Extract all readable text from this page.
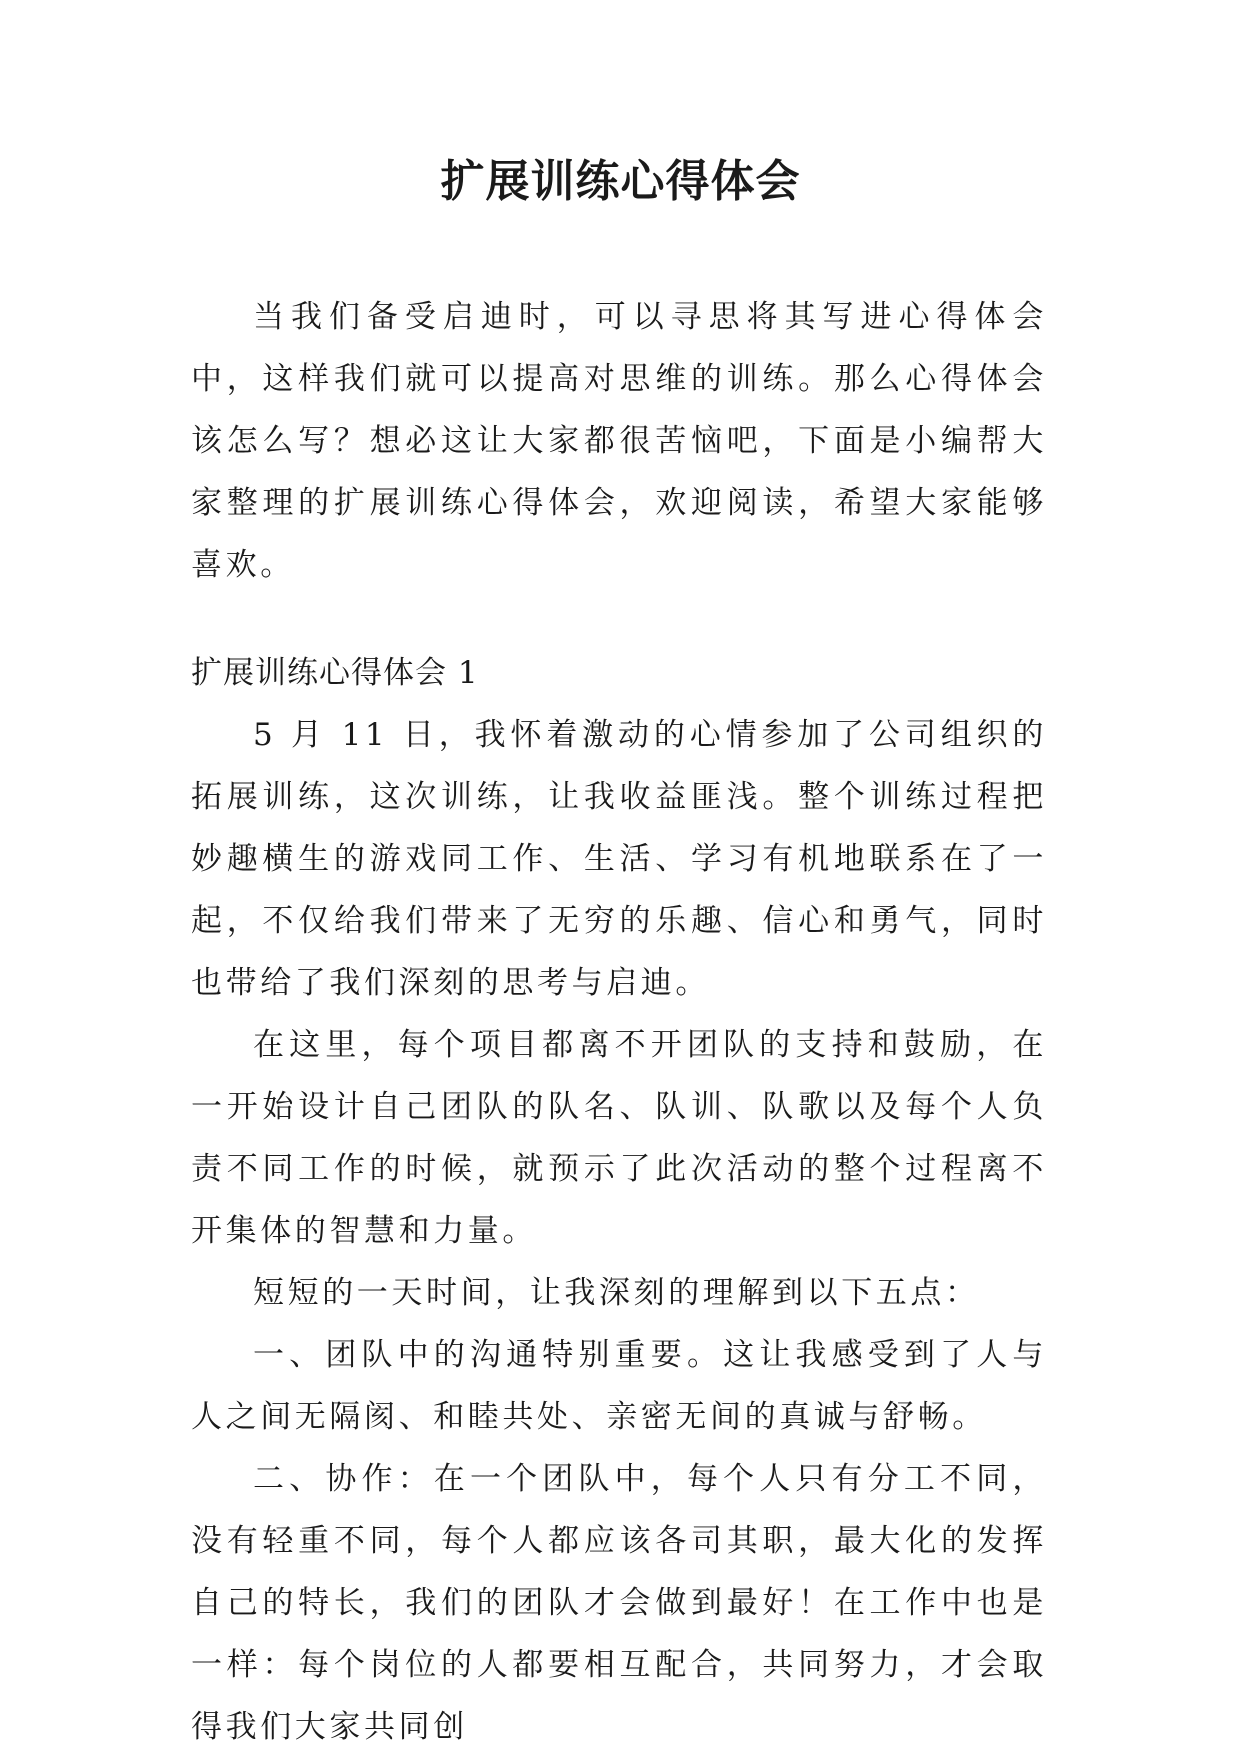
扩展训练心得体会

当我们备受启迪时，可以寻思将其写进心得体会中，这样我们就可以提高对思维的训练。那么心得体会该怎么写？想必这让大家都很苦恼吧，下面是小编帮大家整理的扩展训练心得体会，欢迎阅读，希望大家能够喜欢。

扩展训练心得体会 1

5 月 11 日，我怀着激动的心情参加了公司组织的拓展训练，这次训练，让我收益匪浅。整个训练过程把妙趣横生的游戏同工作、生活、学习有机地联系在了一起，不仅给我们带来了无穷的乐趣、信心和勇气，同时也带给了我们深刻的思考与启迪。

在这里，每个项目都离不开团队的支持和鼓励，在一开始设计自己团队的队名、队训、队歌以及每个人负责不同工作的时候，就预示了此次活动的整个过程离不开集体的智慧和力量。

短短的一天时间，让我深刻的理解到以下五点：

一、团队中的沟通特别重要。这让我感受到了人与人之间无隔阂、和睦共处、亲密无间的真诚与舒畅。

二、协作：在一个团队中，每个人只有分工不同，没有轻重不同，每个人都应该各司其职，最大化的发挥自己的特长，我们的团队才会做到最好！在工作中也是一样：每个岗位的人都要相互配合，共同努力，才会取得我们大家共同创
